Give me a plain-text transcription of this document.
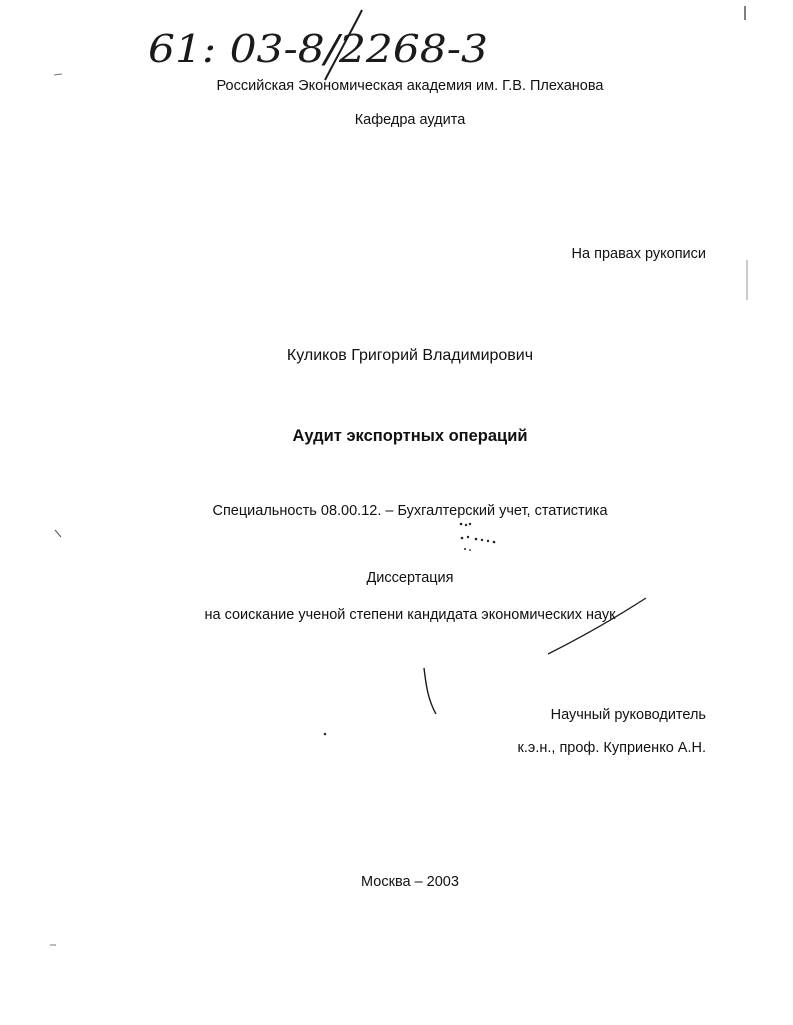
61: 03-8/2268-3
Российская Экономическая академия им. Г.В. Плеханова
Кафедра аудита
На правах рукописи
Куликов Григорий Владимирович
Аудит экспортных операций
Специальность 08.00.12. – Бухгалтерский учет, статистика
Диссертация
на соискание ученой степени кандидата экономических наук
Научный руководитель
к.э.н., проф. Куприенко А.Н.
Москва – 2003
